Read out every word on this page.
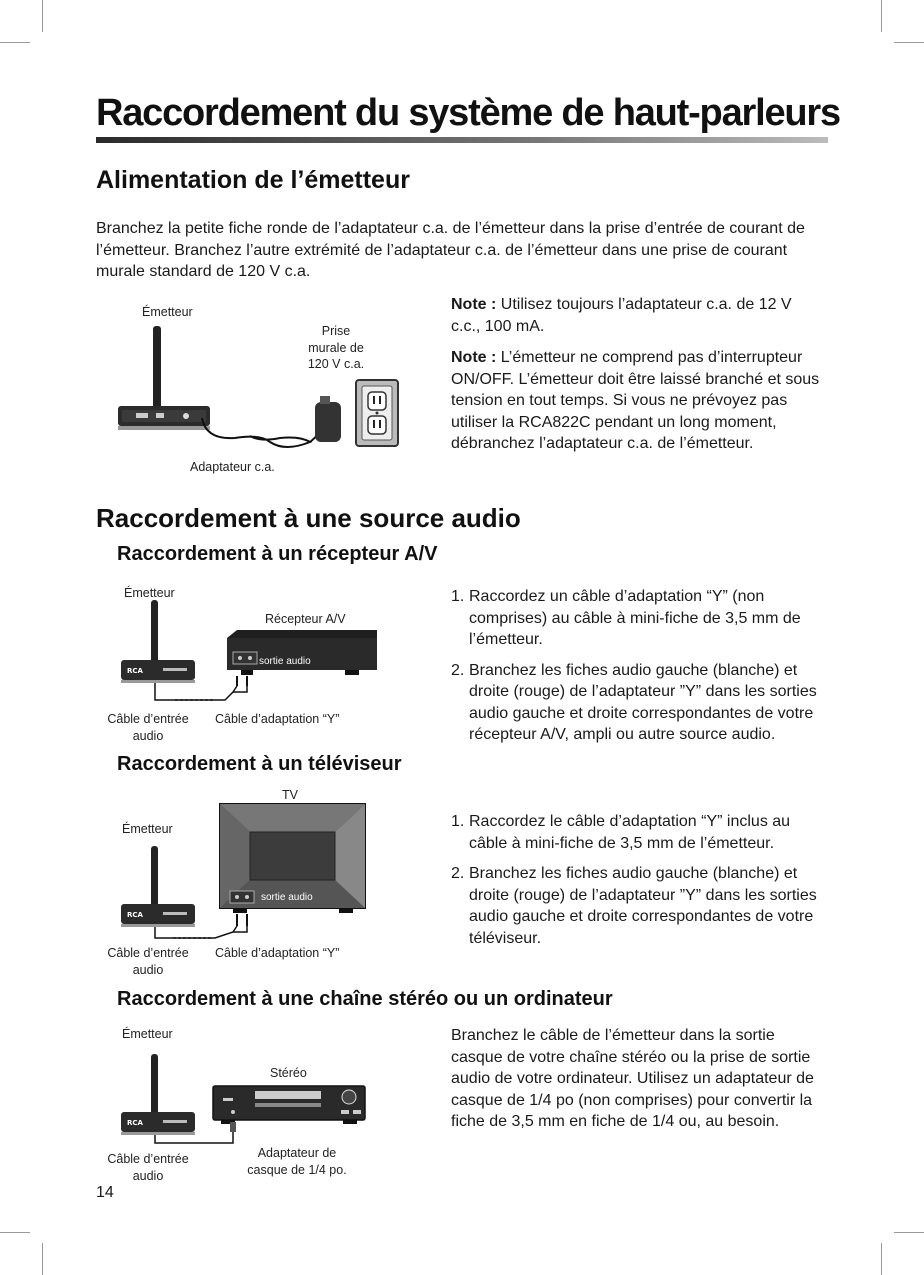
Raccordement du système de haut-parleurs
Alimentation de l’émetteur

Branchez la petite fiche ronde de l’adaptateur c.a. de l’émetteur dans la prise d’entrée de courant de l’émetteur. Branchez l’autre extrémité de l’adaptateur c.a. de l’émetteur dans une prise de courant murale standard de 120 V c.a.

Émetteur
Prise
murale de
120 V c.a.
Adaptateur c.a.

Note : Utilisez toujours l’adaptateur c.a. de 12 V c.c., 100 mA.

Note : L’émetteur ne comprend pas d’interrupteur ON/OFF. L’émetteur doit être laissé branché et sous tension en tout temps. Si vous ne prévoyez pas utiliser la RCA822C pendant un long moment, débranchez l’adaptateur c.a. de l’émetteur.

Raccordement à une source audio
Raccordement à un récepteur A/V
Émetteur
Récepteur A/V
Câble d’entrée
audio
Câble d’adaptation “Y”
RCA
sortie audio
1. Raccordez un câble d’adaptation “Y” (non comprises) au câble à mini-fiche de 3,5 mm de l’émetteur.
2. Branchez les fiches audio gauche (blanche) et droite (rouge) de l’adaptateur ”Y” dans les sorties audio gauche et droite correspondantes de votre récepteur A/V, ampli ou autre source audio.
Raccordement à un téléviseur
TV
Émetteur
Câble d’entrée
audio
Câble d’adaptation “Y”
RCA
sortie audio
1. Raccordez le câble d’adaptation “Y” inclus au câble à mini-fiche de 3,5 mm de l’émetteur.
2. Branchez les fiches audio gauche (blanche) et droite (rouge) de l’adaptateur ”Y” dans les sorties audio gauche et droite correspondantes de votre téléviseur.
Raccordement à une chaîne stéréo ou un ordinateur
Émetteur
Stéréo
Câble d’entrée
audio
Adaptateur de
casque de 1/4 po.
RCA

Branchez le câble de l’émetteur dans la sortie casque de votre chaîne stéréo ou la prise de sortie audio de votre ordinateur. Utilisez un adaptateur de casque de 1/4 po (non comprises) pour convertir la fiche de 3,5 mm en fiche de 1/4 ou, au besoin.

14
